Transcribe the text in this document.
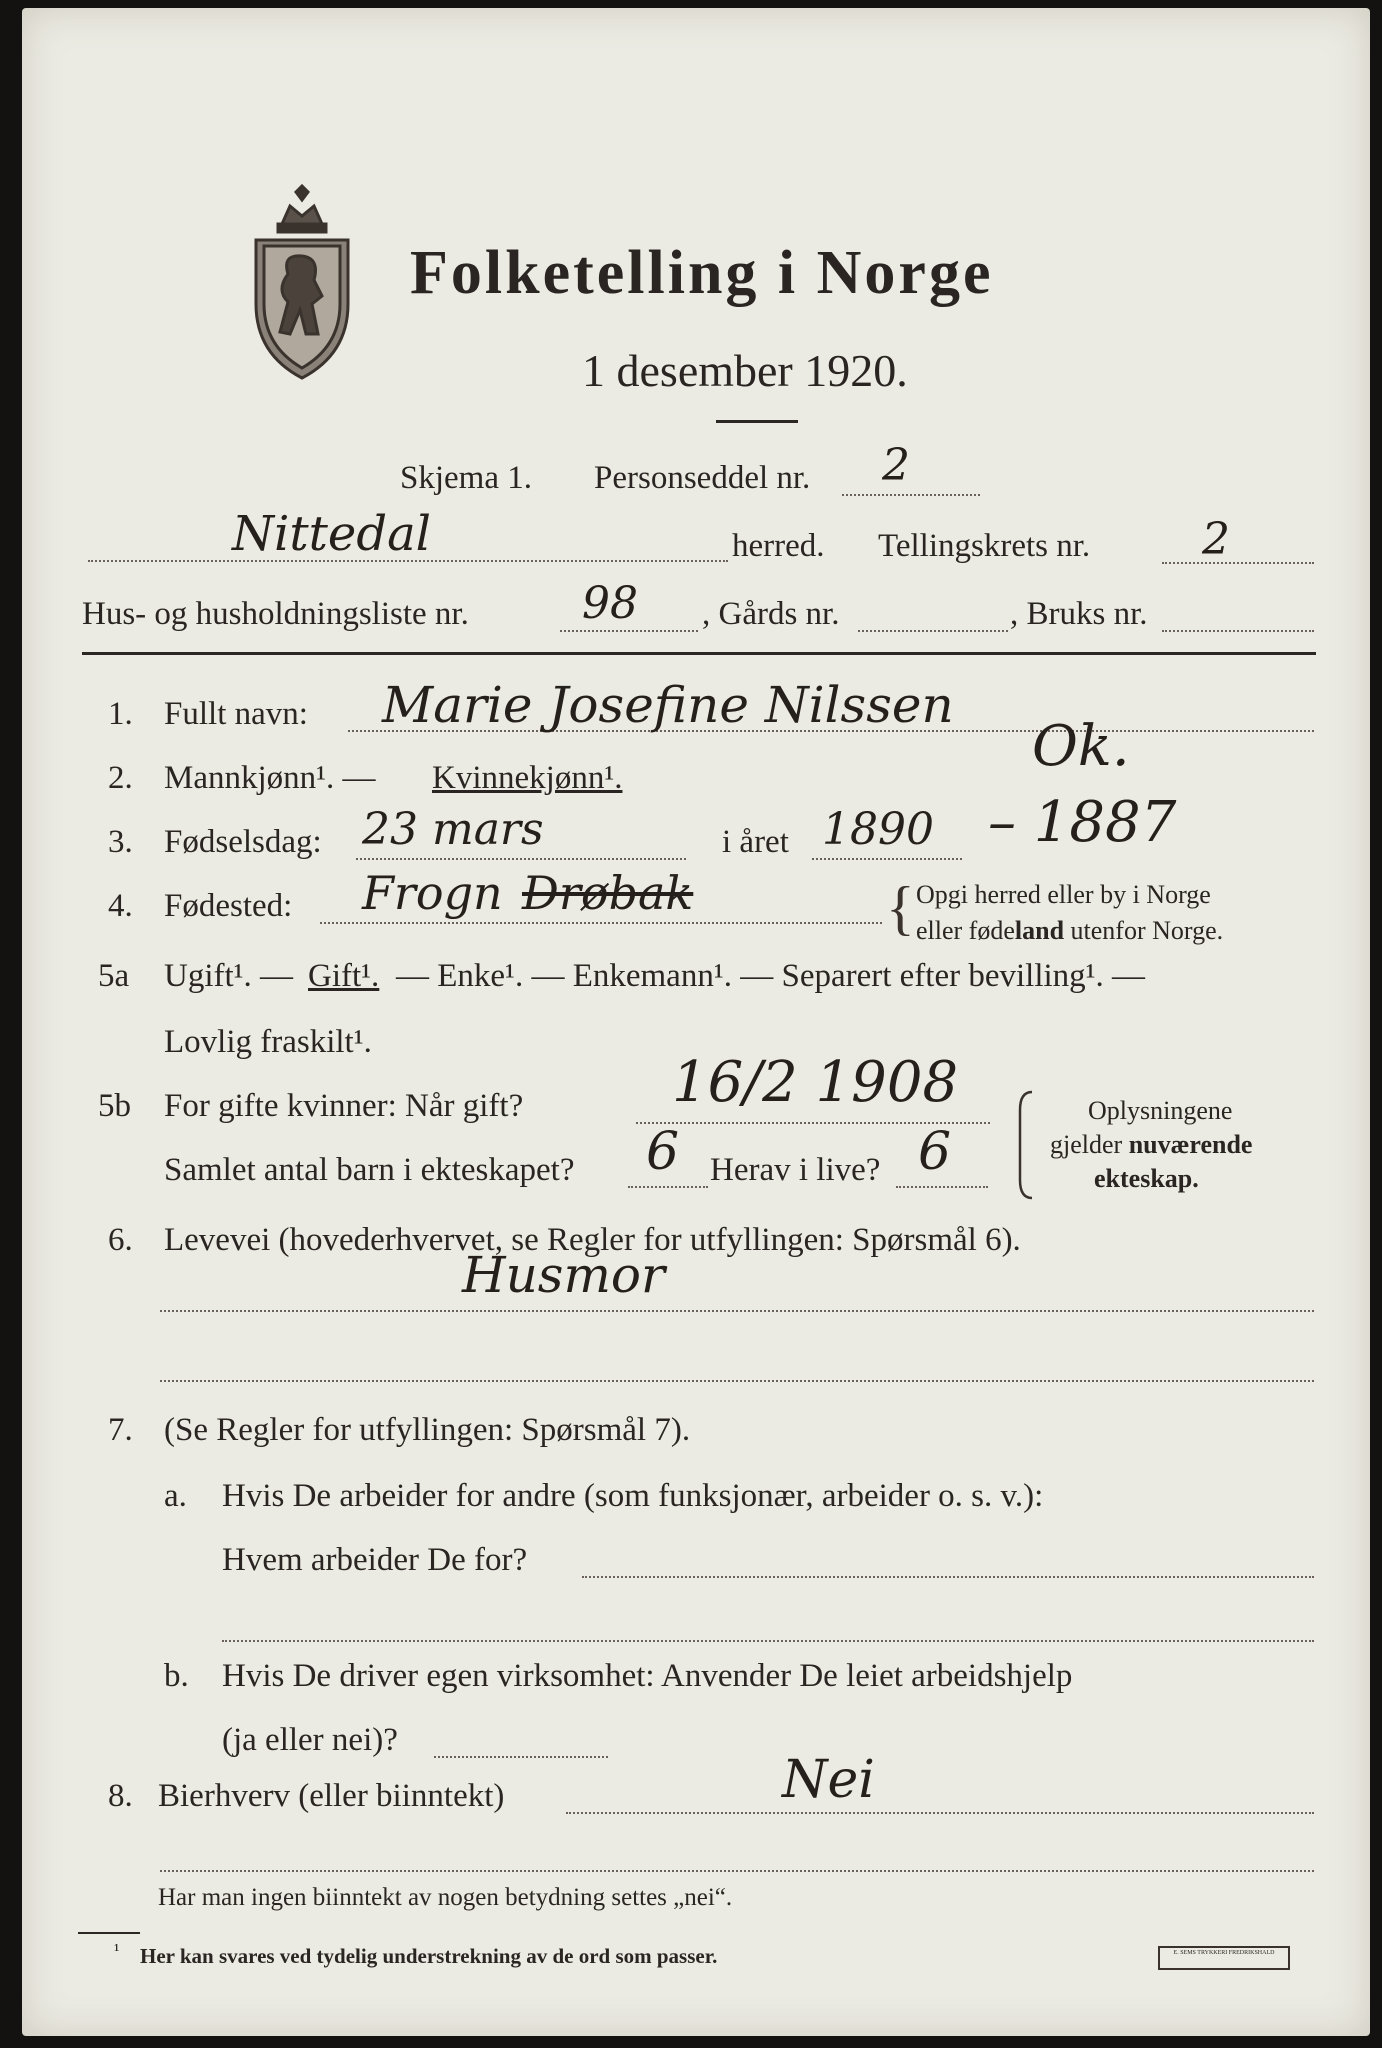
Folketelling i Norge
1 desember 1920.
Skjema 1. Personseddel nr. 2
Nittedal	herred. Tellingskrets nr.	2
Hus- og husholdningsliste nr.	98 , Gårds nr.	, Bruks nr.
1. Fullt navn: Marie Josefine Nilssen
2. Mannkjønn¹. — Kvinnekjønn¹.	Ok.
3. Fødselsdag: 23 mars	i året 1890 – 1887
4. Fødested: Frogn Drøbak	{ Opgi herred eller by i Norge
eller fødeland utenfor Norge.
5a Ugift¹. — Gift¹. — Enke¹. — Enkemann¹. — Separert efter bevilling¹. —
Lovlig fraskilt¹.
5b For gifte kvinner: Når gift?	16/2 1908
Samlet antal barn i ekteskapet? 6 Herav i live? 6
Oplysningene
gjelder nuværende
ekteskap.
6. Levevei (hovederhvervet, se Regler for utfyllingen: Spørsmål 6).
Husmor
7. (Se Regler for utfyllingen: Spørsmål 7).
a. Hvis De arbeider for andre (som funksjonær, arbeider o. s. v.):
Hvem arbeider De for?
b. Hvis De driver egen virksomhet: Anvender De leiet arbeidshjelp
(ja eller nei)?
8. Bierhverv (eller biinntekt)	Nei
Har man ingen biinntekt av nogen betydning settes „nei“.
¹ Her kan svares ved tydelig understrekning av de ord som passer.	E. SEMS TRYKKERI FREDRIKSHALD
